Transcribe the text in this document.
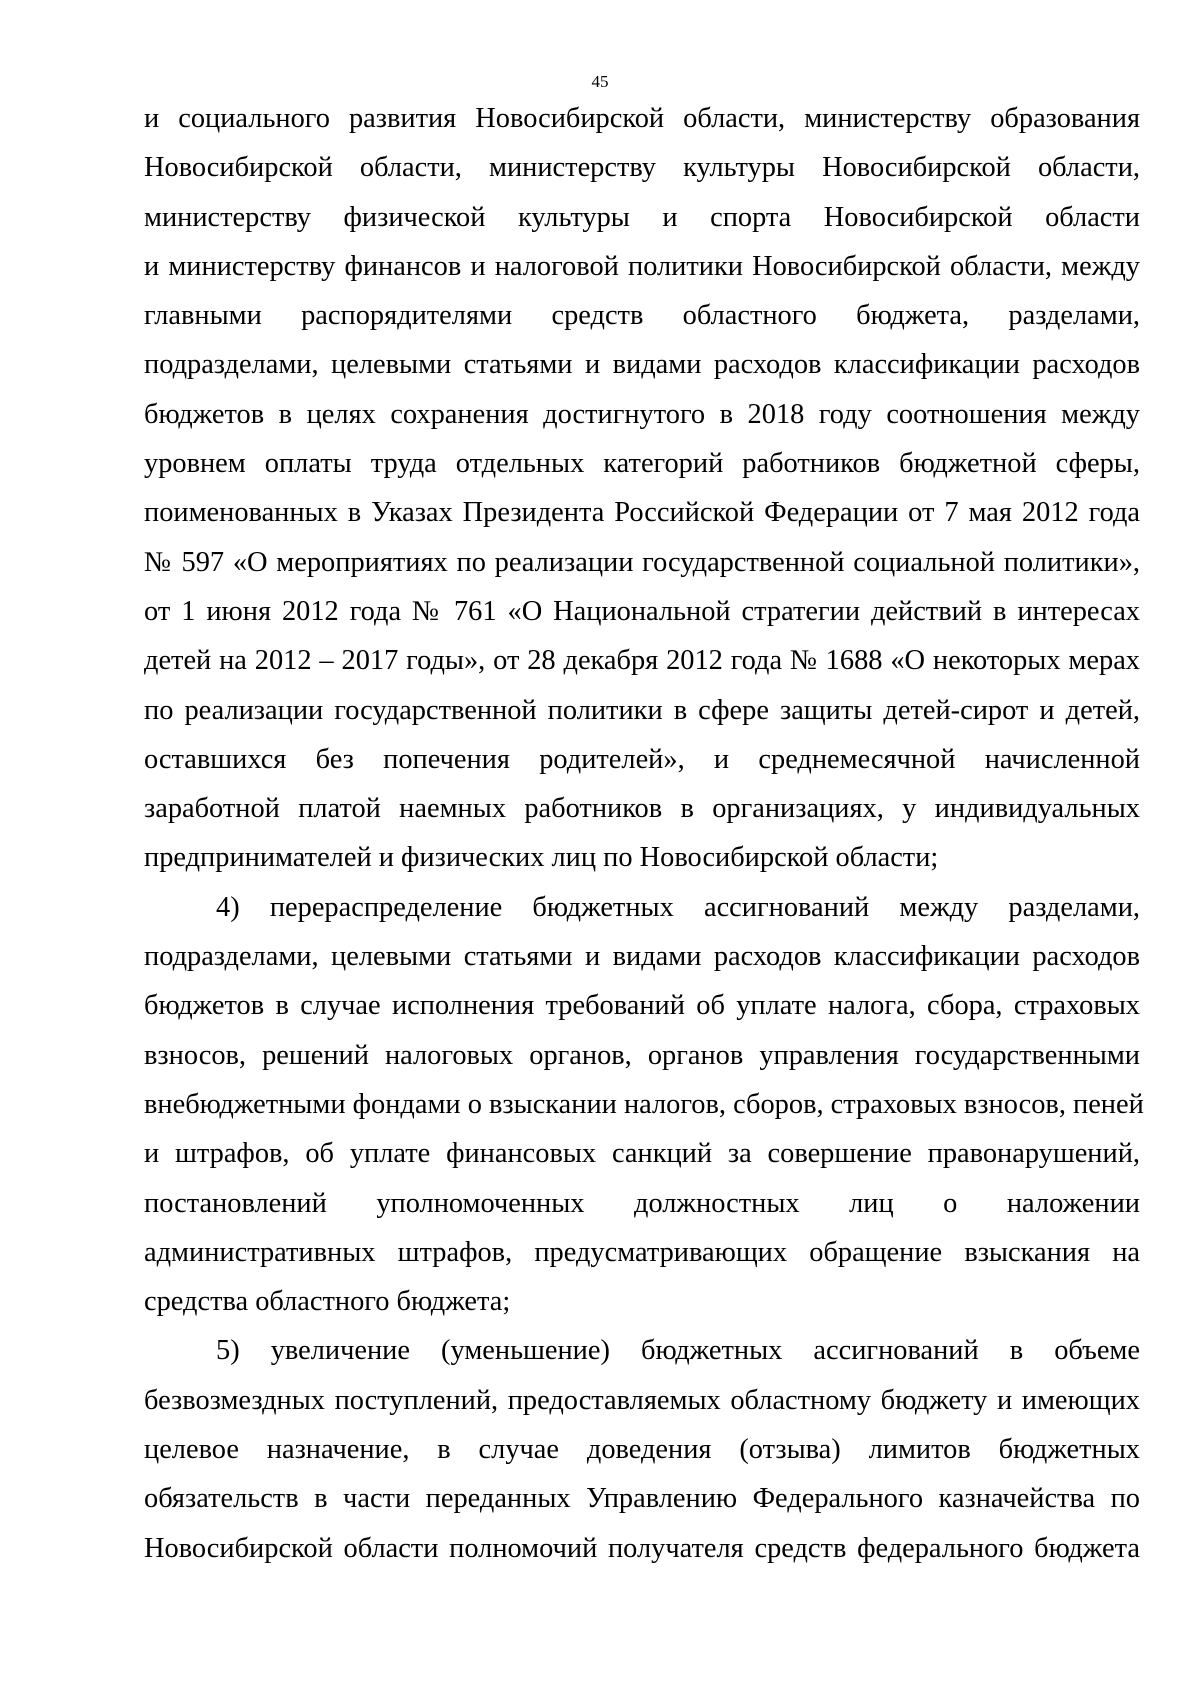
45
и социального развития Новосибирской области, министерству образования
Новосибирской области, министерству культуры Новосибирской области,
министерству физической культуры и спорта Новосибирской области
и министерству финансов и налоговой политики Новосибирской области, между
главными распорядителями средств областного бюджета, разделами,
подразделами, целевыми статьями и видами расходов классификации расходов
бюджетов в целях сохранения достигнутого в 2018 году соотношения между
уровнем оплаты труда отдельных категорий работников бюджетной сферы,
поименованных в Указах Президента Российской Федерации от 7 мая 2012 года
№ 597 «О мероприятиях по реализации государственной социальной политики»,
от 1 июня 2012 года № 761 «О Национальной стратегии действий в интересах
детей на 2012 – 2017 годы», от 28 декабря 2012 года № 1688 «О некоторых мерах
по реализации государственной политики в сфере защиты детей-сирот и детей,
оставшихся без попечения родителей», и среднемесячной начисленной
заработной платой наемных работников в организациях, у индивидуальных
предпринимателей и физических лиц по Новосибирской области;
4) перераспределение бюджетных ассигнований между разделами,
подразделами, целевыми статьями и видами расходов классификации расходов
бюджетов в случае исполнения требований об уплате налога, сбора, страховых
взносов, решений налоговых органов, органов управления государственными
внебюджетными фондами о взыскании налогов, сборов, страховых взносов, пеней
и штрафов, об уплате финансовых санкций за совершение правонарушений,
постановлений уполномоченных должностных лиц о наложении
административных штрафов, предусматривающих обращение взыскания на
средства областного бюджета;
5) увеличение (уменьшение) бюджетных ассигнований в объеме
безвозмездных поступлений, предоставляемых областному бюджету и имеющих
целевое назначение, в случае доведения (отзыва) лимитов бюджетных
обязательств в части переданных Управлению Федерального казначейства по
Новосибирской области полномочий получателя средств федерального бюджета
